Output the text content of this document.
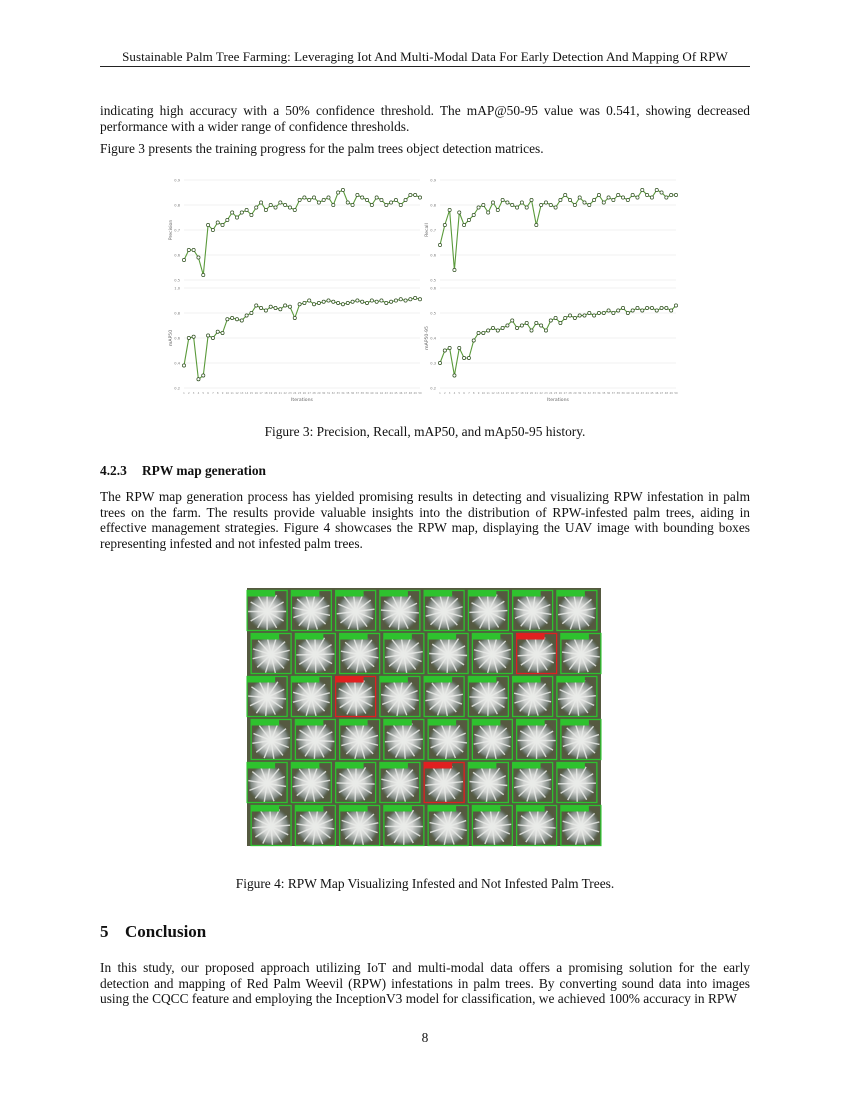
Sustainable Palm Tree Farming: Leveraging Iot And Multi-Modal Data For Early Detection And Mapping Of RPW
indicating high accuracy with a 50% confidence threshold. The mAP@50-95 value was 0.541, showing decreased performance with a wider range of confidence thresholds.
Figure 3 presents the training progress for the palm trees object detection matrices.
0.9
0.8
0.7
0.6
0.5
Precision
0.9
0.8
0.7
0.6
0.5
Recall
1.0
0.8
0.6
0.4
0.2
mAP50
1 2 3 4 5 6 7 8 9 10 11 12 13 14 15 16 17 18 19 20 21 22 23 24 25 26 27 28 29 30 31 32 33 34 35 36 37 38 39 40 41 42 43 44 45 46 47 48 49 50
Iterations
0.6
0.5
0.4
0.3
0.2
mAP50-95
1 2 3 4 5 6 7 8 9 10 11 12 13 14 15 16 17 18 19 20 21 22 23 24 25 26 27 28 29 30 31 32 33 34 35 36 37 38 39 40 41 42 43 44 45 46 47 48 49 50
Iterations
Figure 3: Precision, Recall, mAP50, and mAp50-95 history.
4.2.3 RPW map generation
The RPW map generation process has yielded promising results in detecting and visualizing RPW infestation in palm trees on the farm. The results provide valuable insights into the distribution of RPW-infested palm trees, aiding in effective management strategies. Figure 4 showcases the RPW map, displaying the UAV image with bounding boxes representing infested and not infested palm trees.
Figure 4: RPW Map Visualizing Infested and Not Infested Palm Trees.
5 Conclusion
In this study, our proposed approach utilizing IoT and multi-modal data offers a promising solution for the early detection and mapping of Red Palm Weevil (RPW) infestations in palm trees. By converting sound data into images using the CQCC feature and employing the InceptionV3 model for classification, we achieved 100% accuracy in RPW
8
